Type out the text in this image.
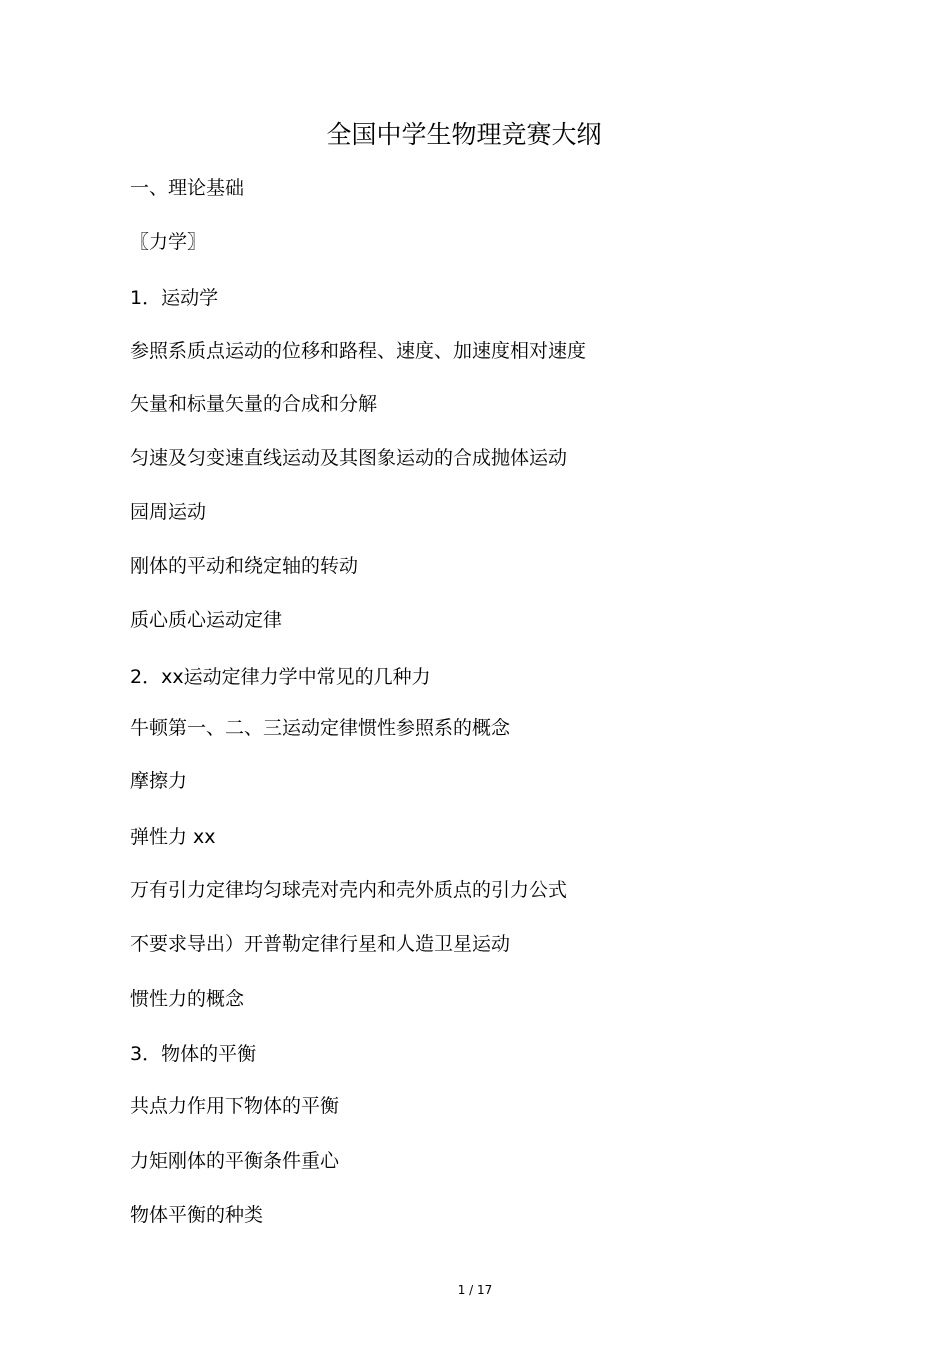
全国中学生物理竞赛大纲
一、理论基础
〖力学〗
1．运动学
参照系质点运动的位移和路程、速度、加速度相对速度
矢量和标量矢量的合成和分解
匀速及匀变速直线运动及其图象运动的合成抛体运动
园周运动
刚体的平动和绕定轴的转动
质心质心运动定律
2．xx运动定律力学中常见的几种力
牛顿第一、二、三运动定律惯性参照系的概念
摩擦力
弹性力 xx
万有引力定律均匀球壳对壳内和壳外质点的引力公式
不要求导出）开普勒定律行星和人造卫星运动
惯性力的概念
3．物体的平衡
共点力作用下物体的平衡
力矩刚体的平衡条件重心
物体平衡的种类
1 / 17
